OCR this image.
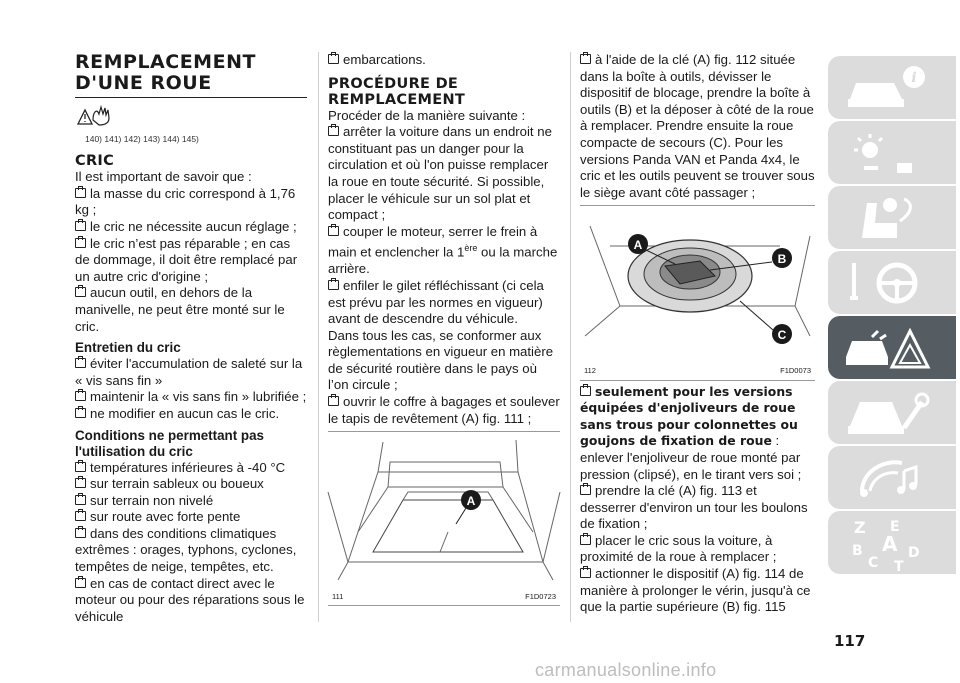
REMPLACEMENT
D'UNE ROUE
140) 141) 142) 143) 144) 145)
CRIC

Il est important de savoir que :

la masse du cric correspond à 1,76 kg ;

le cric ne nécessite aucun réglage ;

le cric n’est pas réparable ; en cas de dommage, il doit être remplacé par un autre cric d'origine ;

aucun outil, en dehors de la manivelle, ne peut être monté sur le cric.

Entretien du cric

éviter l'accumulation de saleté sur la « vis sans fin »

maintenir la « vis sans fin » lubrifiée ;

ne modifier en aucun cas le cric.

Conditions ne permettant pas
l'utilisation du cric

températures inférieures à -40 °C

sur terrain sableux ou boueux

sur terrain non nivelé

sur route avec forte pente

dans des conditions climatiques extrêmes : orages, typhons, cyclones, tempêtes de neige, tempêtes, etc.

en cas de contact direct avec le moteur ou pour des réparations sous le véhicule

embarcations.

PROCÉDURE DE
REMPLACEMENT

Procéder de la manière suivante :

arrêter la voiture dans un endroit ne constituant pas un danger pour la circulation et où l'on puisse remplacer la roue en toute sécurité. Si possible, placer le véhicule sur un sol plat et compact ;

couper le moteur, serrer le frein à main et enclencher la 1ère ou la marche arrière.

enfiler le gilet réfléchissant (ci cela est prévu par les normes en vigueur) avant de descendre du véhicule.

Dans tous les cas, se conformer aux règlementations en vigueur en matière de sécurité routière dans le pays où l’on circule ;

ouvrir le coffre à bagages et soulever le tapis de revêtement (A) fig. 111 ;

A
111	F1D0723

à l'aide de la clé (A) fig. 112 située dans la boîte à outils, dévisser le dispositif de blocage, prendre la boîte à outils (B) et la déposer à côté de la roue à remplacer. Prendre ensuite la roue compacte de secours (C). Pour les versions Panda VAN et Panda 4x4, le cric et les outils peuvent se trouver sous le siège avant côté passager ;

A
B
C
112	F1D0073

seulement pour les versions équipées d'enjoliveurs de roue sans trous pour colonnettes ou goujons de fixation de roue : enlever l'enjoliveur de roue monté par pression (clipsé), en le tirant vers soi ;

prendre la clé (A) fig. 113 et desserrer d'environ un tour les boulons de fixation ;

placer le cric sous la voiture, à proximité de la roue à remplacer ;

actionner le dispositif (A) fig. 114 de manière à prolonger le vérin, jusqu'à ce que la partie supérieure (B) fig. 115

i
Z E
B A
C
D
T
117
carmanualsonline.info
